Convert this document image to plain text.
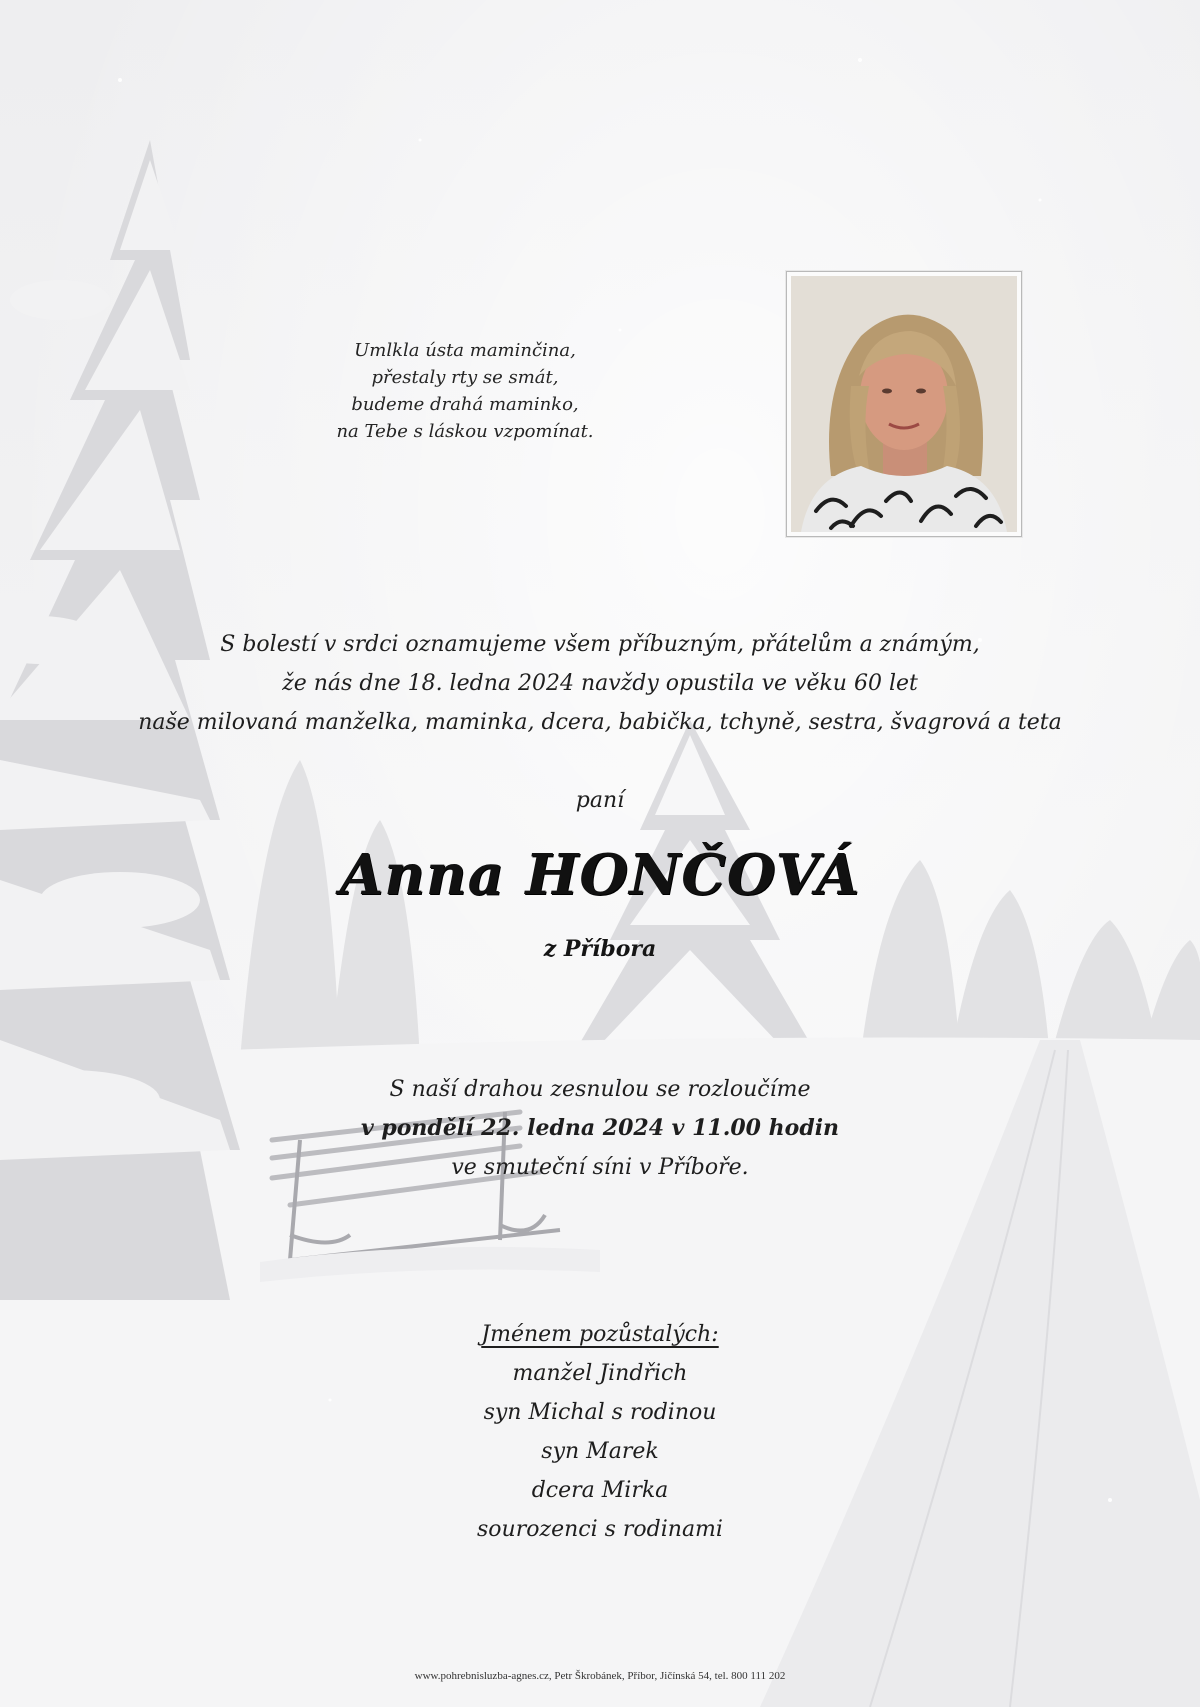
Umlkla ústa maminčina,
přestaly rty se smát,
budeme drahá maminko,
na Tebe s láskou vzpomínat.
S bolestí v srdci oznamujeme všem příbuzným, přátelům a známým,
že nás dne 18. ledna 2024 navždy opustila ve věku 60 let
naše milovaná manželka, maminka, dcera, babička, tchyně, sestra, švagrová a teta
paní
Anna HONČOVÁ
z Příbora
S naší drahou zesnulou se rozloučíme
v pondělí 22. ledna 2024 v 11.00 hodin
ve smuteční síni v Příboře.
Jménem pozůstalých:
manžel Jindřich
syn Michal s rodinou
syn Marek
dcera Mirka
sourozenci s rodinami
www.pohrebnisluzba-agnes.cz, Petr Škrobánek, Příbor, Jičínská 54, tel. 800 111 202
